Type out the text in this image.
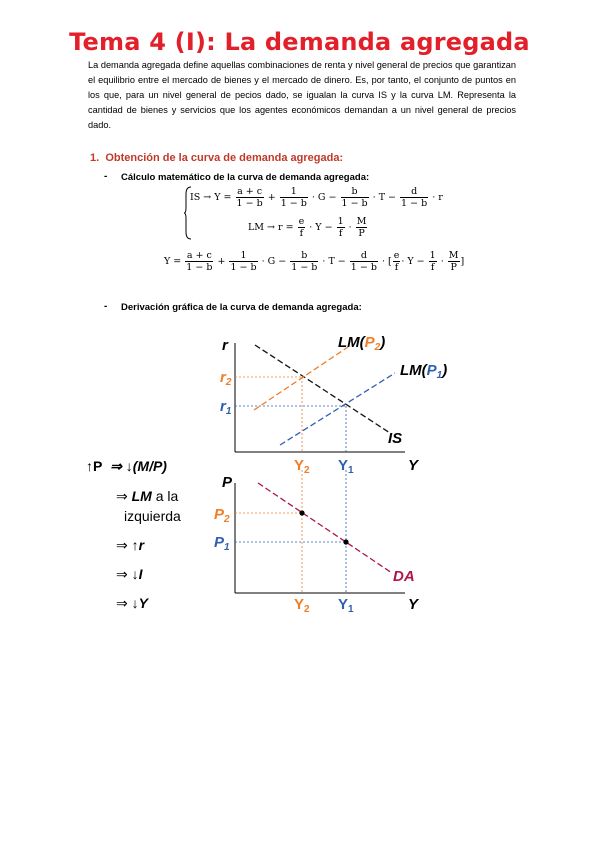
Tema 4 (I): La demanda agregada
La demanda agregada define aquellas combinaciones de renta y nivel general de precios que garantizan el equilibrio entre el mercado de bienes y el mercado de dinero. Es, por tanto, el conjunto de puntos en los que, para un nivel general de pecios dado, se igualan la curva IS y la curva LM. Representa la cantidad de bienes y servicios que los agentes económicos demandan a un nivel general de precios dado.
1. Obtención de la curva de demanda agregada:
- Cálculo matemático de la curva de demanda agregada:
IS → $Y = \frac{a + c}{1 - b} + \frac{1}{1 - b} \cdot G - \frac{b}{1 - b} \cdot T - \frac{d}{1 - b} \cdot r$
LM → $r = \frac{e}{f} \cdot Y - \frac{1}{f} \cdot \frac{M}{P}$
$Y = \frac{a + c}{1 - b} + \frac{1}{1 - b} \cdot G - \frac{b}{1 - b} \cdot T - \frac{d}{1 - b}$ · [ $\frac{e}{f} \cdot Y - \frac{1}{f} \cdot \frac{M}{P}$ ]
- Derivación gráfica de la curva de demanda agregada:
r
Y
IS
$LM(P_2)$
$LM(P_1)$
$r_2$
$r_1$
$Y_2$ $Y_1$
P
Y
DA
$P_2$
$P_1$
$Y_2$ $Y_1$
↑P ⇒ ↓(M/P)
⇒ LM a la
izquierda
⇒ ↑r
⇒ ↓I
⇒ ↓Y
